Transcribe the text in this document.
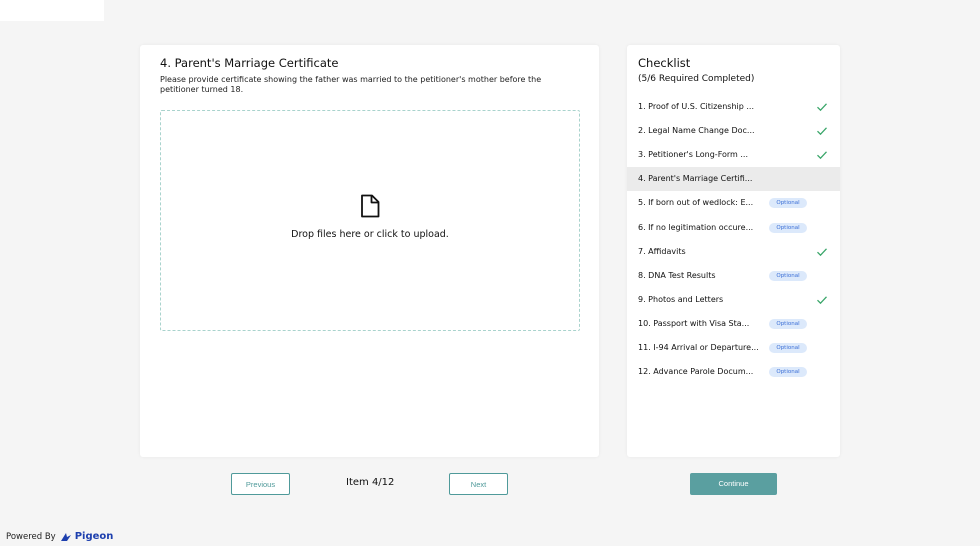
4. Parent's Marriage Certificate
Please provide certificate showing the father was married to the petitioner's mother before the petitioner turned 18.
Drop files here or click to upload.
Checklist
(5/6 Required Completed)
1. Proof of U.S. Citizenship ...
2. Legal Name Change Doc...
3. Petitioner's Long-Form ...
4. Parent's Marriage Certifi...
5. If born out of wedlock: E...	Optional
6. If no legitimation occure...	Optional
7. Affidavits
8. DNA Test Results	Optional
9. Photos and Letters
10. Passport with Visa Sta...	Optional
11. I-94 Arrival or Departure...	Optional
12. Advance Parole Docum...	Optional
Previous	Item 4/12	Next	Continue
Powered By Pigeon
